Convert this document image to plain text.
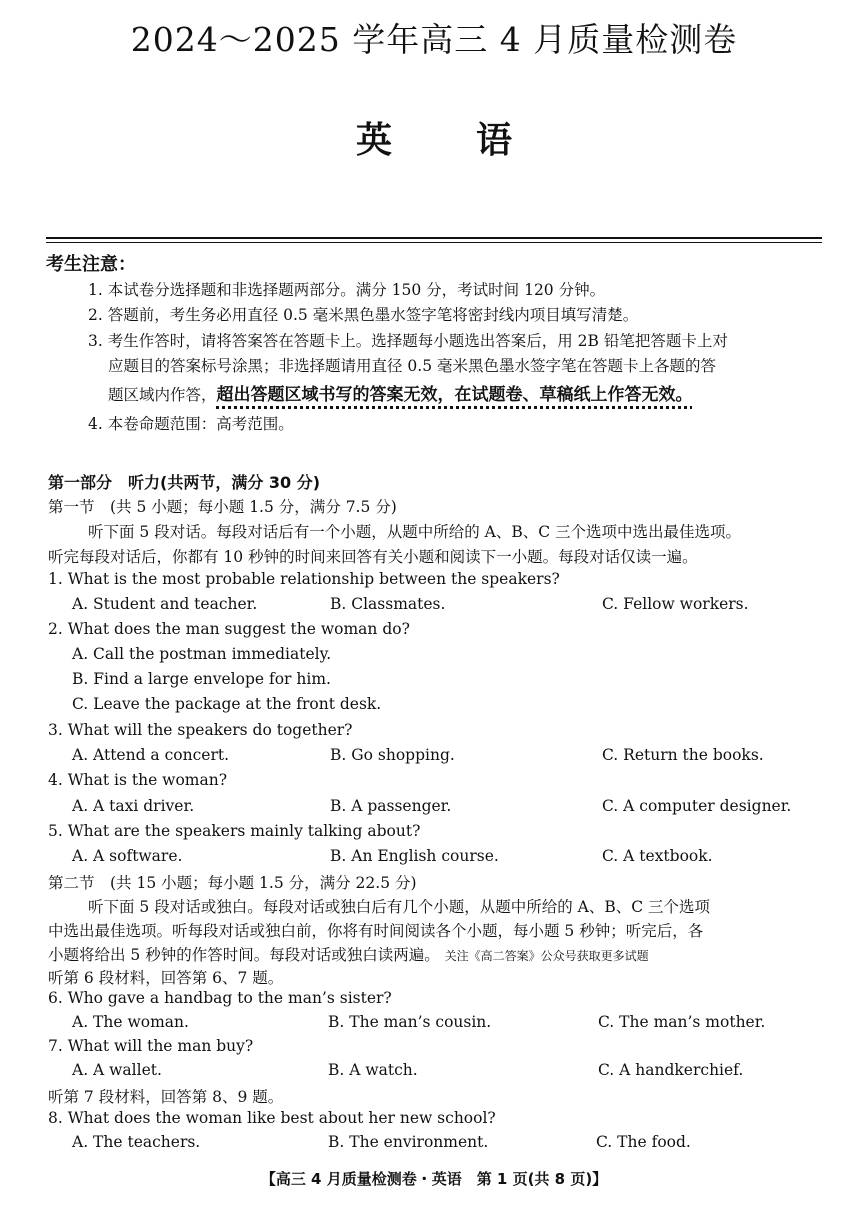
2024～2025 学年高三 4 月质量检测卷
英语
考生注意：
1. 本试卷分选择题和非选择题两部分。满分 150 分，考试时间 120 分钟。
2. 答题前，考生务必用直径 0.5 毫米黑色墨水签字笔将密封线内项目填写清楚。
3. 考生作答时，请将答案答在答题卡上。选择题每小题选出答案后，用 2B 铅笔把答题卡上对
应题目的答案标号涂黑；非选择题请用直径 0.5 毫米黑色墨水签字笔在答题卡上各题的答
题区域内作答，超出答题区域书写的答案无效，在试题卷、草稿纸上作答无效。
4. 本卷命题范围：高考范围。
第一部分　听力(共两节，满分 30 分)
第一节　(共 5 小题；每小题 1.5 分，满分 7.5 分)
听下面 5 段对话。每段对话后有一个小题，从题中所给的 A、B、C 三个选项中选出最佳选项。
听完每段对话后，你都有 10 秒钟的时间来回答有关小题和阅读下一小题。每段对话仅读一遍。
1. What is the most probable relationship between the speakers?
A. Student and teacher.	B. Classmates.	C. Fellow workers.
2. What does the man suggest the woman do?
A. Call the postman immediately.
B. Find a large envelope for him.
C. Leave the package at the front desk.
3. What will the speakers do together?
A. Attend a concert.	B. Go shopping.	C. Return the books.
4. What is the woman?
A. A taxi driver.	B. A passenger.	C. A computer designer.
5. What are the speakers mainly talking about?
A. A software.	B. An English course.	C. A textbook.
第二节　(共 15 小题；每小题 1.5 分，满分 22.5 分)
听下面 5 段对话或独白。每段对话或独白后有几个小题，从题中所给的 A、B、C 三个选项
中选出最佳选项。听每段对话或独白前，你将有时间阅读各个小题，每小题 5 秒钟；听完后，各
小题将给出 5 秒钟的作答时间。每段对话或独白读两遍。 关注《高二答案》公众号获取更多试题
听第 6 段材料，回答第 6、7 题。
6. Who gave a handbag to the man’s sister?
A. The woman.	B. The man’s cousin.	C. The man’s mother.
7. What will the man buy?
A. A wallet.	B. A watch.	C. A handkerchief.
听第 7 段材料，回答第 8、9 题。
8. What does the woman like best about her new school?
A. The teachers.	B. The environment.	C. The food.
【高三 4 月质量检测卷・英语　第 1 页(共 8 页)】
